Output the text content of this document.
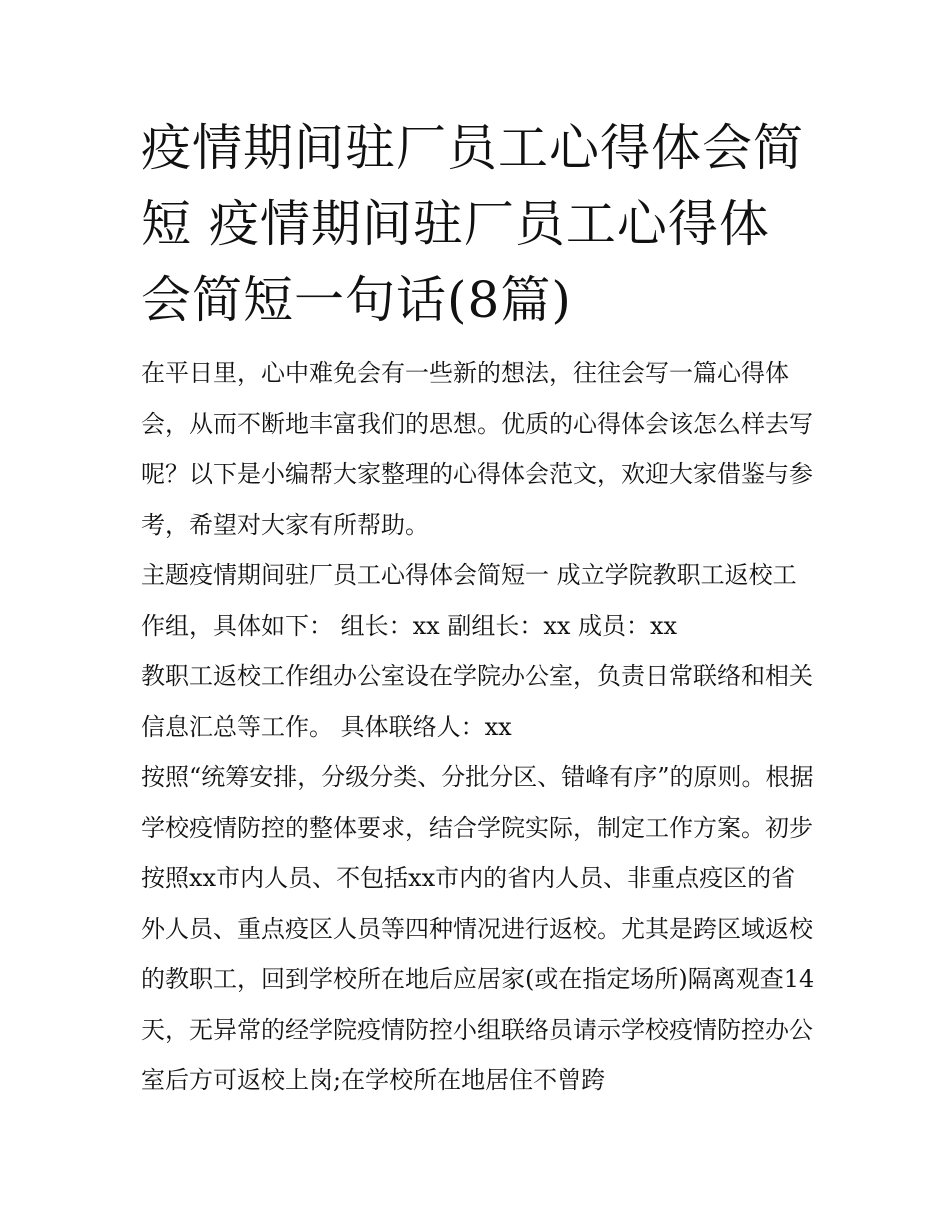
疫情期间驻厂员工心得体会简短 疫情期间驻厂员工心得体会简短一句话(8篇)

在平日里，心中难免会有一些新的想法，往往会写一篇心得体会，从而不断地丰富我们的思想。优质的心得体会该怎么样去写呢？以下是小编帮大家整理的心得体会范文，欢迎大家借鉴与参考，希望对大家有所帮助。

主题疫情期间驻厂员工心得体会简短一 成立学院教职工返校工作组，具体如下： 组长：xx 副组长：xx 成员：xx

教职工返校工作组办公室设在学院办公室，负责日常联络和相关信息汇总等工作。 具体联络人：xx

按照“统筹安排，分级分类、分批分区、错峰有序”的原则。根据学校疫情防控的整体要求，结合学院实际，制定工作方案。初步按照xx市内人员、不包括xx市内的省内人员、非重点疫区的省外人员、重点疫区人员等四种情况进行返校。尤其是跨区域返校的教职工，回到学校所在地后应居家(或在指定场所)隔离观查14天，无异常的经学院疫情防控小组联络员请示学校疫情防控办公室后方可返校上岗;在学校所在地居住不曾跨
